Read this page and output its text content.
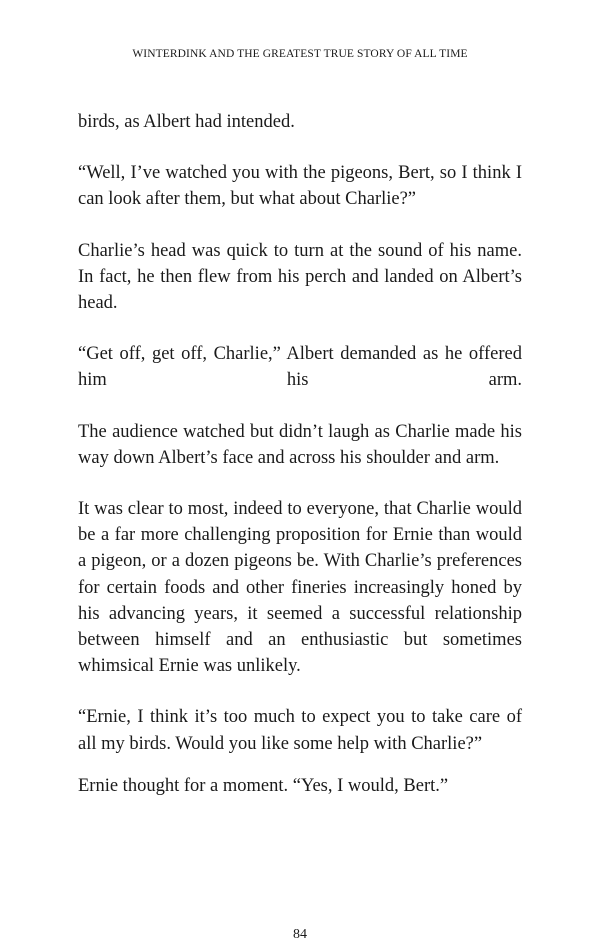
WINTERDINK AND THE GREATEST TRUE STORY OF ALL TIME

birds, as Albert had intended.

“Well, I’ve watched you with the pigeons, Bert, so I think I can look after them, but what about Charlie?”

Charlie’s head was quick to turn at the sound of his name. In fact, he then flew from his perch and landed on Albert’s head.

“Get off, get off, Charlie,” Albert demanded as he offered him his arm.

The audience watched but didn’t laugh as Charlie made his way down Albert’s face and across his shoulder and arm.

It was clear to most, indeed to everyone, that Charlie would be a far more challenging proposition for Ernie than would a pigeon, or a dozen pigeons be. With Charlie’s preferences for certain foods and other fineries increasingly honed by his advancing years, it seemed a successful relationship between himself and an enthusiastic but sometimes whimsical Ernie was unlikely.

“Ernie, I think it’s too much to expect you to take care of all my birds. Would you like some help with Charlie?”

Ernie thought for a moment. “Yes, I would, Bert.”

84
